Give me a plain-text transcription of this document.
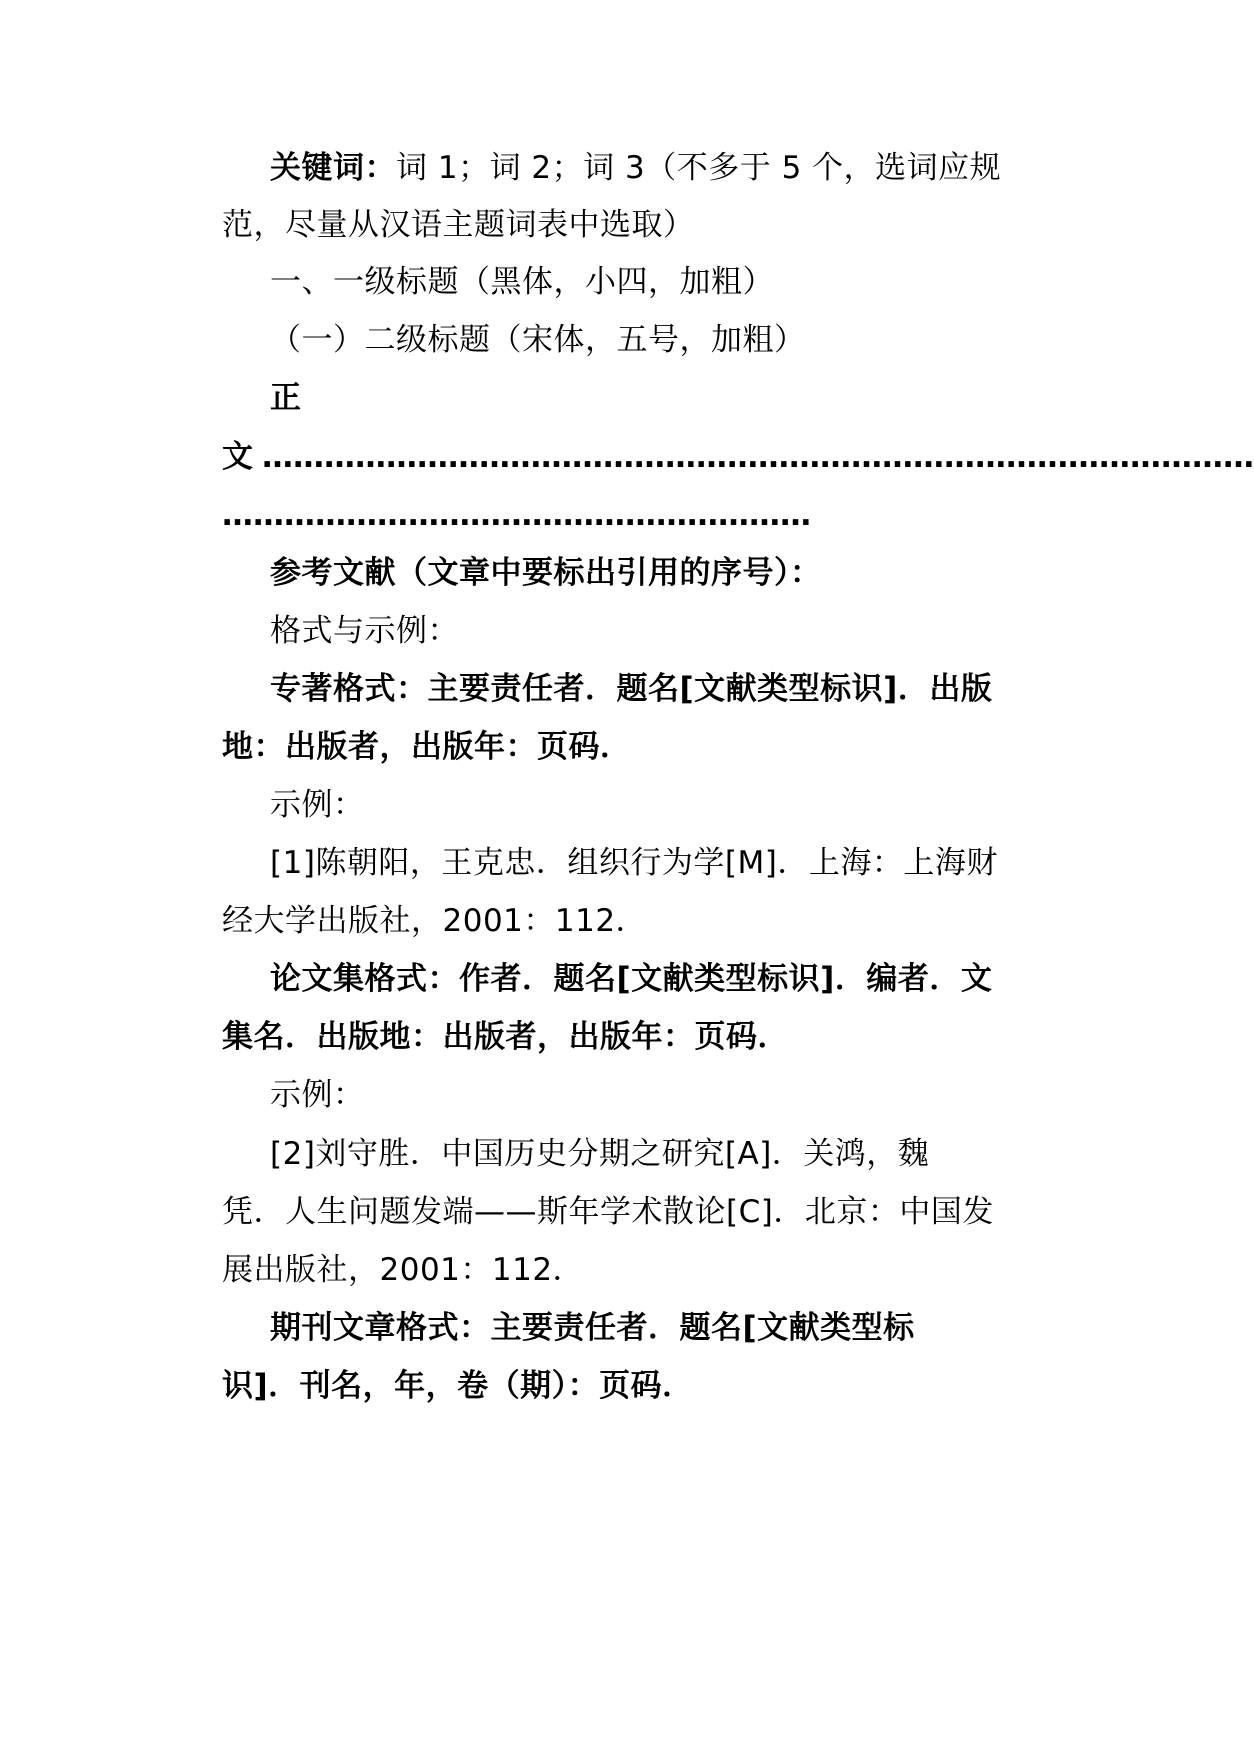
关键词：词 1；词 2；词 3（不多于 5 个，选词应规
范，尽量从汉语主题词表中选取）
一、一级标题（黑体，小四，加粗）
（一）二级标题（宋体，五号，加粗）
正
文 ……………………………………………………………………………………
…………………………………………………
参考文献（文章中要标出引用的序号）：
格式与示例：
专著格式：主要责任者．题名[文献类型标识]．出版
地：出版者，出版年：页码．
示例：
[1]陈朝阳，王克忠．组织行为学[M]．上海：上海财
经大学出版社，2001：112．
论文集格式：作者．题名[文献类型标识]．编者．文
集名．出版地：出版者，出版年：页码．
示例：
[2]刘守胜．中国历史分期之研究[A]．关鸿，魏
凭．人生问题发端——斯年学术散论[C]．北京：中国发
展出版社，2001：112．
期刊文章格式：主要责任者．题名[文献类型标
识]．刊名，年，卷（期）：页码．
